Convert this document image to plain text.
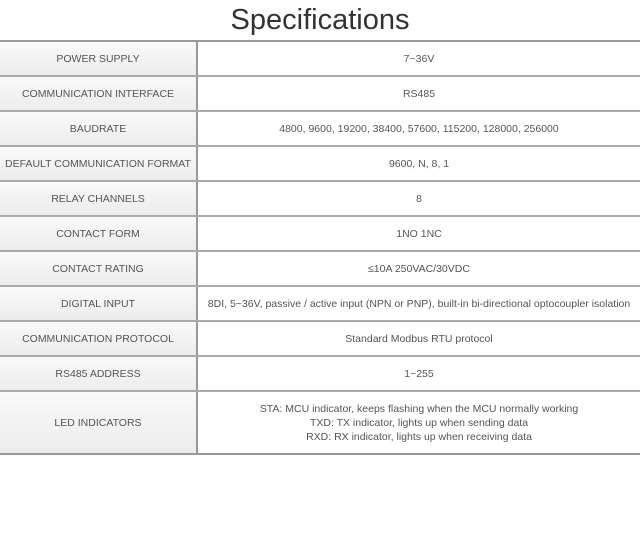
Specifications
POWER SUPPLY	7~36V
COMMUNICATION INTERFACE	RS485
BAUDRATE	4800, 9600, 19200, 38400, 57600, 115200, 128000, 256000
DEFAULT COMMUNICATION FORMAT	9600, N, 8, 1
RELAY CHANNELS	8
CONTACT FORM	1NO 1NC
CONTACT RATING	≤10A 250VAC/30VDC
DIGITAL INPUT	8DI, 5~36V, passive / active input (NPN or PNP), built-in bi-directional optocoupler isolation
COMMUNICATION PROTOCOL	Standard Modbus RTU protocol
RS485 ADDRESS	1~255
LED INDICATORS	STA: MCU indicator, keeps flashing when the MCU normally working
TXD: TX indicator, lights up when sending data
RXD: RX indicator, lights up when receiving data
